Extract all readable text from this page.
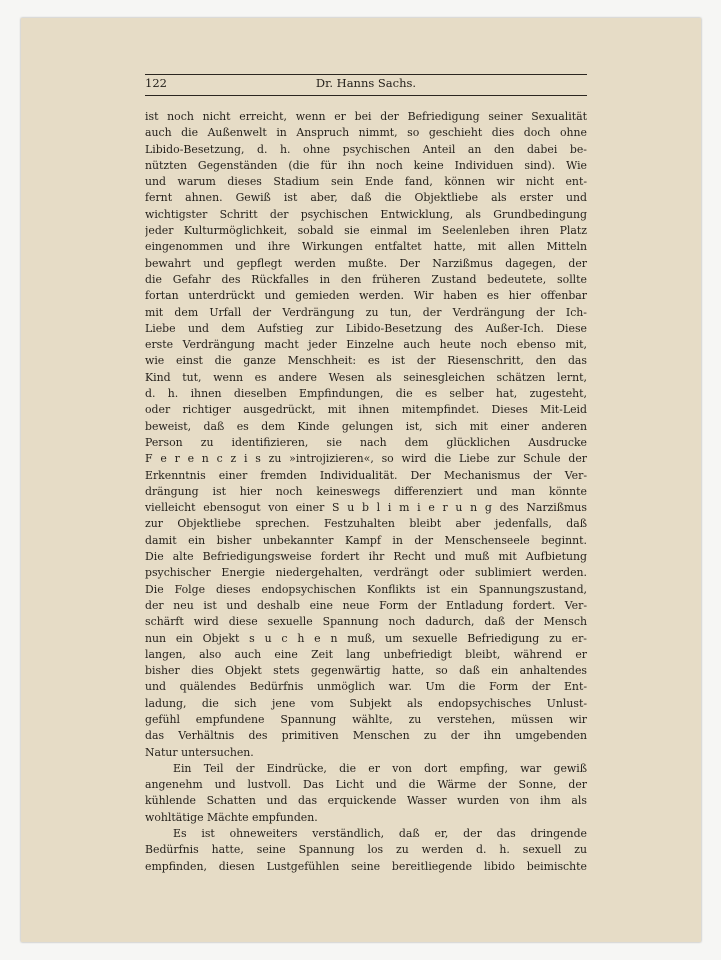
122	Dr. Hanns Sachs.
ist noch nicht erreicht, wenn er bei der Befriedigung seiner Sexualität
auch die Außenwelt in Anspruch nimmt, so geschieht dies doch ohne
Libido-Besetzung, d. h. ohne psychischen Anteil an den dabei be-
nützten Gegenständen (die für ihn noch keine Individuen sind). Wie
und warum dieses Stadium sein Ende fand, können wir nicht ent-
fernt ahnen. Gewiß ist aber, daß die Objektliebe als erster und
wichtigster Schritt der psychischen Entwicklung, als Grundbedingung
jeder Kulturmöglichkeit, sobald sie einmal im Seelenleben ihren Platz
eingenommen und ihre Wirkungen entfaltet hatte, mit allen Mitteln
bewahrt und gepflegt werden mußte. Der Narzißmus dagegen, der
die Gefahr des Rückfalles in den früheren Zustand bedeutete, sollte
fortan unterdrückt und gemieden werden. Wir haben es hier offenbar
mit dem Urfall der Verdrängung zu tun, der Verdrängung der Ich-
Liebe und dem Aufstieg zur Libido-Besetzung des Außer-Ich. Diese
erste Verdrängung macht jeder Einzelne auch heute noch ebenso mit,
wie einst die ganze Menschheit: es ist der Riesenschritt, den das
Kind tut, wenn es andere Wesen als seinesgleichen schätzen lernt,
d. h. ihnen dieselben Empfindungen, die es selber hat, zugesteht,
oder richtiger ausgedrückt, mit ihnen mitempfindet. Dieses Mit-Leid
beweist, daß es dem Kinde gelungen ist, sich mit einer anderen
Person zu identifizieren, sie nach dem glücklichen Ausdrucke
F e r e n c z i s zu »introjizieren«, so wird die Liebe zur Schule der
Erkenntnis einer fremden Individualität. Der Mechanismus der Ver-
drängung ist hier noch keineswegs differenziert und man könnte
vielleicht ebensogut von einer S u b l i m i e r u n g des Narzißmus
zur Objektliebe sprechen. Festzuhalten bleibt aber jedenfalls, daß
damit ein bisher unbekannter Kampf in der Menschenseele beginnt.
Die alte Befriedigungsweise fordert ihr Recht und muß mit Aufbietung
psychischer Energie niedergehalten, verdrängt oder sublimiert werden.
Die Folge dieses endopsychischen Konflikts ist ein Spannungszustand,
der neu ist und deshalb eine neue Form der Entladung fordert. Ver-
schärft wird diese sexuelle Spannung noch dadurch, daß der Mensch
nun ein Objekt s u c h e n muß, um sexuelle Befriedigung zu er-
langen, also auch eine Zeit lang unbefriedigt bleibt, während er
bisher dies Objekt stets gegenwärtig hatte, so daß ein anhaltendes
und quälendes Bedürfnis unmöglich war. Um die Form der Ent-
ladung, die sich jene vom Subjekt als endopsychisches Unlust-
gefühl empfundene Spannung wählte, zu verstehen, müssen wir
das Verhältnis des primitiven Menschen zu der ihn umgebenden
Natur untersuchen.
Ein Teil der Eindrücke, die er von dort empfing, war gewiß
angenehm und lustvoll. Das Licht und die Wärme der Sonne, der
kühlende Schatten und das erquickende Wasser wurden von ihm als
wohltätige Mächte empfunden.
Es ist ohneweiters verständlich, daß er, der das dringende
Bedürfnis hatte, seine Spannung los zu werden d. h. sexuell zu
empfinden, diesen Lustgefühlen seine bereitliegende libido beimischte
